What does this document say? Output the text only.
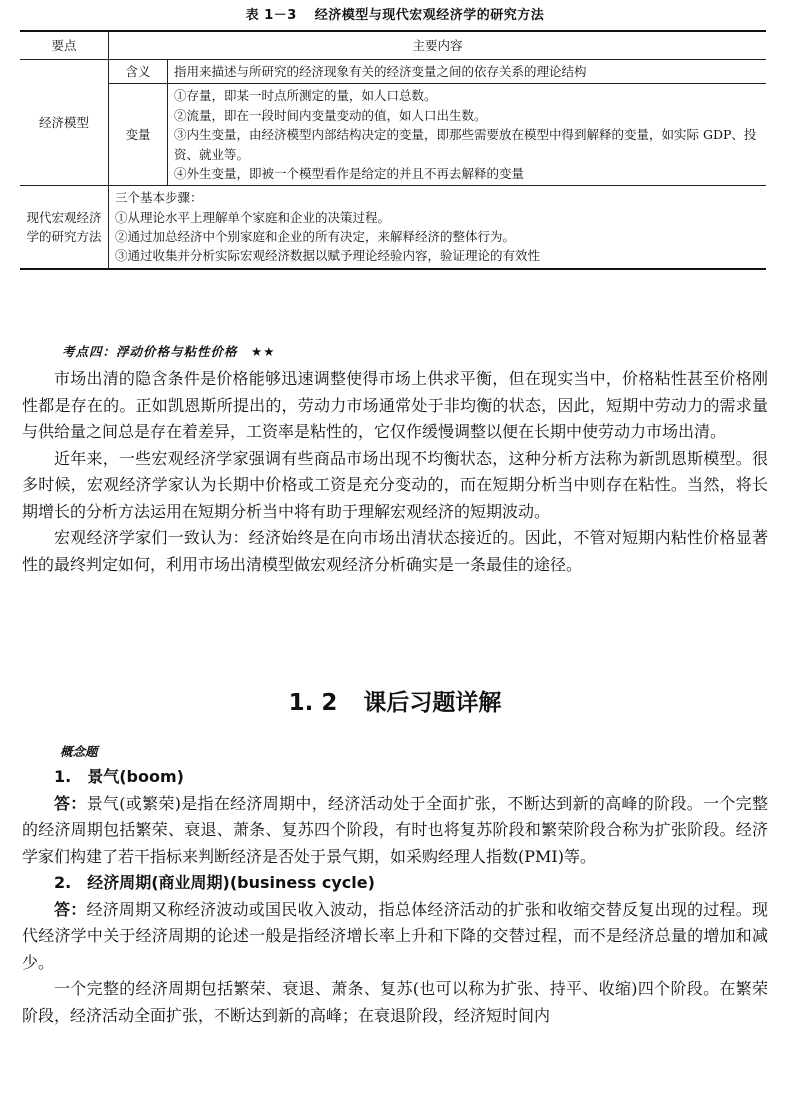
表 1－3 经济模型与现代宏观经济学的研究方法
要点	主要内容	
经济模型	含义	指用来描述与所研究的经济现象有关的经济变量之间的依存关系的理论结构
	变量	①存量，即某一时点所测定的量，如人口总数。
②流量，即在一段时间内变量变动的值，如人口出生数。
③内生变量，由经济模型内部结构决定的变量，即那些需要放在模型中得到解释的变量，如实际 GDP、投资、就业等。
④外生变量，即被一个模型看作是给定的并且不再去解释的变量

现代宏观经济学的研究方法	三个基本步骤：
①从理论水平上理解单个家庭和企业的决策过程。
②通过加总经济中个别家庭和企业的所有决定，来解释经济的整体行为。
③通过收集并分析实际宏观经济数据以赋予理论经验内容，验证理论的有效性	
考点四：浮动价格与粘性价格　★★

市场出清的隐含条件是价格能够迅速调整使得市场上供求平衡，但在现实当中，价格粘性甚至价格刚性都是存在的。正如凯恩斯所提出的，劳动力市场通常处于非均衡的状态，因此，短期中劳动力的需求量与供给量之间总是存在着差异，工资率是粘性的，它仅作缓慢调整以便在长期中使劳动力市场出清。

近年来，一些宏观经济学家强调有些商品市场出现不均衡状态，这种分析方法称为新凯恩斯模型。很多时候，宏观经济学家认为长期中价格或工资是充分变动的，而在短期分析当中则存在粘性。当然，将长期增长的分析方法运用在短期分析当中将有助于理解宏观经济的短期波动。

宏观经济学家们一致认为：经济始终是在向市场出清状态接近的。因此，不管对短期内粘性价格显著性的最终判定如何，利用市场出清模型做宏观经济分析确实是一条最佳的途径。

1. 2 课后习题详解
概念题

1.　景气(boom)

答：景气(或繁荣)是指在经济周期中，经济活动处于全面扩张，不断达到新的高峰的阶段。一个完整的经济周期包括繁荣、衰退、萧条、复苏四个阶段，有时也将复苏阶段和繁荣阶段合称为扩张阶段。经济学家们构建了若干指标来判断经济是否处于景气期，如采购经理人指数(PMI)等。

2.　经济周期(商业周期)(business cycle)

答：经济周期又称经济波动或国民收入波动，指总体经济活动的扩张和收缩交替反复出现的过程。现代经济学中关于经济周期的论述一般是指经济增长率上升和下降的交替过程，而不是经济总量的增加和减少。

一个完整的经济周期包括繁荣、衰退、萧条、复苏(也可以称为扩张、持平、收缩)四个阶段。在繁荣阶段，经济活动全面扩张，不断达到新的高峰；在衰退阶段，经济短时间内
